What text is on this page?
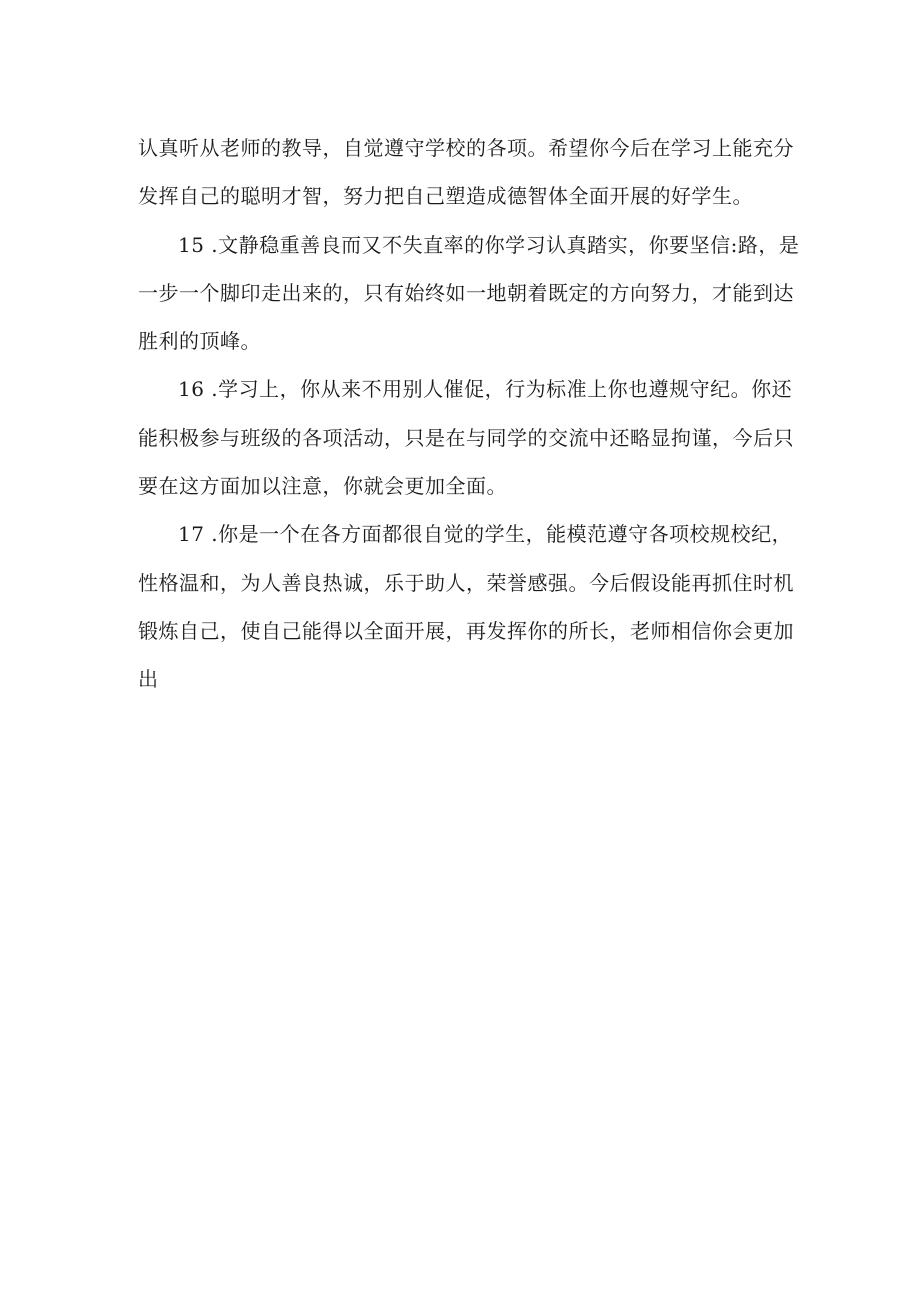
认真听从老师的教导，自觉遵守学校的各项。希望你今后在学习上能充分
发挥自己的聪明才智，努力把自己塑造成德智体全面开展的好学生。

15 .文静稳重善良而又不失直率的你学习认真踏实，你要坚信:路，是
一步一个脚印走出来的，只有始终如一地朝着既定的方向努力，才能到达
胜利的顶峰。

16 .学习上，你从来不用别人催促，行为标准上你也遵规守纪。你还
能积极参与班级的各项活动，只是在与同学的交流中还略显拘谨，今后只
要在这方面加以注意，你就会更加全面。

17 .你是一个在各方面都很自觉的学生，能模范遵守各项校规校纪，
性格温和，为人善良热诚，乐于助人，荣誉感强。今后假设能再抓住时机
锻炼自己，使自己能得以全面开展，再发挥你的所长，老师相信你会更加
出
